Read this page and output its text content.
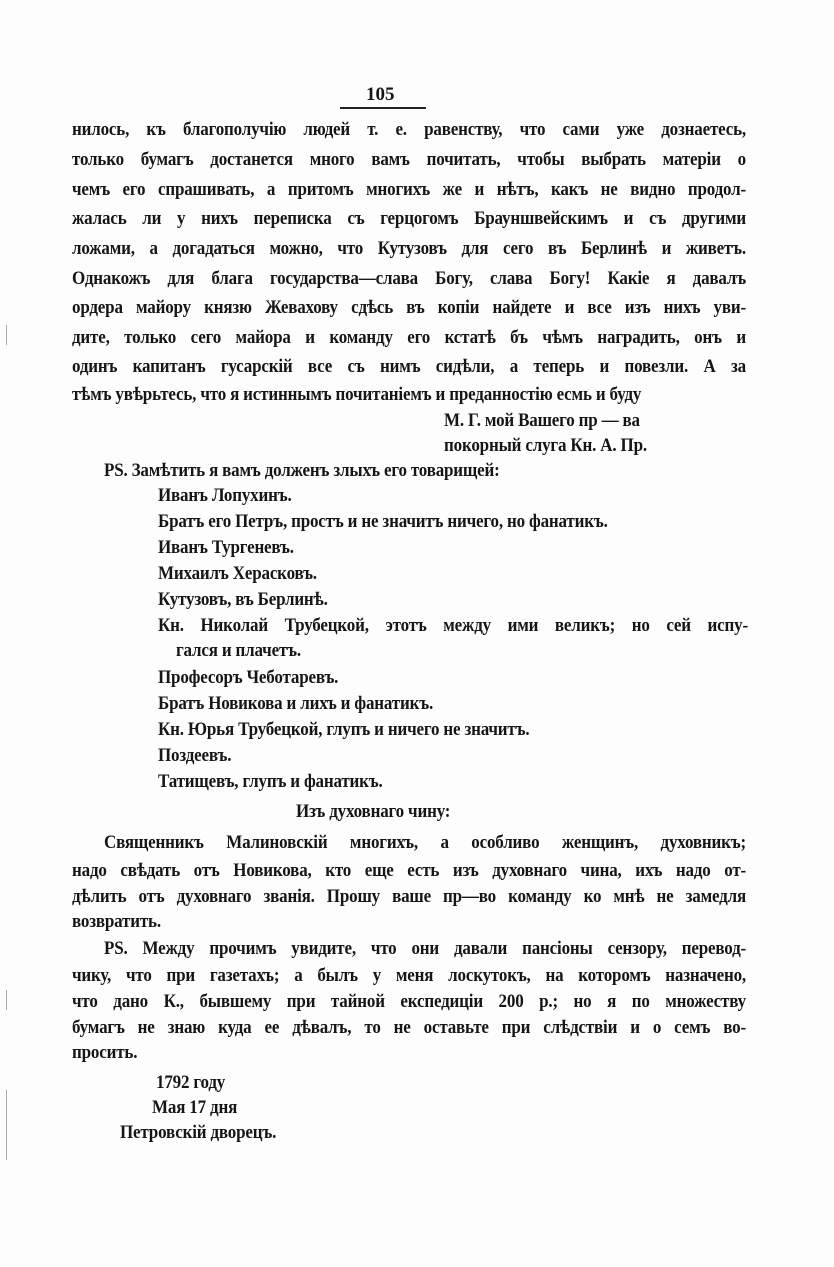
105
нилось, къ благополучію людей т. е. равенству, что сами уже дознаетесь,
только бумагъ достанется много вамъ почитать, чтобы выбрать матеріи о
чемъ его спрашивать, а притомъ многихъ же и нѣтъ, какъ не видно продол-
жалась ли у нихъ переписка съ герцогомъ Брауншвейскимъ и съ другими
ложами, а догадаться можно, что Кутузовъ для сего въ Берлинѣ и живетъ.
Однакожъ для блага государства—слава Богу, слава Богу! Какіе я давалъ
ордера майору князю Жевахову сдѣсь въ копіи найдете и все изъ нихъ уви-
дите, только сего майора и команду его кстатѣ бъ чѣмъ наградить, онъ и
одинъ капитанъ гусарскій все съ нимъ сидѣли, а теперь и повезли. А за
тѣмъ увѣрьтесь, что я истиннымъ почитаніемъ и преданностію есмь и буду
М. Г. мой Вашего пр — ва
покорный слуга Кн. А. Пр.
PS. Замѣтить я вамъ долженъ злыхъ его товарищей:
Иванъ Лопухинъ.
Братъ его Петръ, простъ и не значитъ ничего, но фанатикъ.
Иванъ Тургеневъ.
Михаилъ Херасковъ.
Кутузовъ, въ Берлинѣ.
Кн. Николай Трубецкой, этотъ между ими великъ; но сей испу-
гался и плачетъ.
Професоръ Чеботаревъ.
Братъ Новикова и лихъ и фанатикъ.
Кн. Юрья Трубецкой, глупъ и ничего не значитъ.
Поздеевъ.
Татищевъ, глупъ и фанатикъ.
Изъ духовнаго чину:
Священникъ Малиновскій многихъ, а особливо женщинъ, духовникъ;
надо свѣдать отъ Новикова, кто еще есть изъ духовнаго чина, ихъ надо от-
дѣлить отъ духовнаго званія. Прошу ваше пр—во команду ко мнѣ не замедля
возвратить.
PS. Между прочимъ увидите, что они давали пансіоны сензору, перевод-
чику, что при газетахъ; а былъ у меня лоскутокъ, на которомъ назначено,
что дано К., бывшему при тайной експедиціи 200 р.; но я по множеству
бумагъ не знаю куда ее дѣвалъ, то не оставьте при слѣдствіи и о семъ во-
просить.
1792 году
Мая 17 дня
Петровскій дворецъ.
